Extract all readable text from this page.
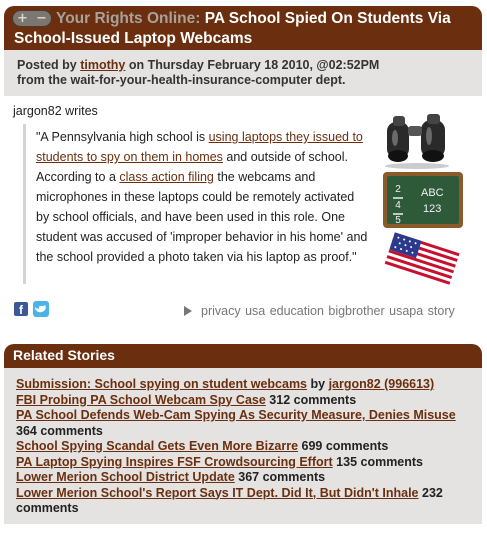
Your Rights Online: PA School Spied On Students Via School-Issued Laptop Webcams
+ −
Posted by timothy on Thursday February 18 2010, @02:52PM
from the wait-for-your-health-insurance-computer dept.
jargon82 writes
"A Pennsylvania high school is using laptops they issued to students to spy on them in homes and outside of school. According to a class action filing the webcams and microphones in these laptops could be remotely activated by school officials, and have been used in this role. One student was accused of 'improper behavior in his home' and the school provided a photo taken via his laptop as proof."
2
4
5
ABC
123
f	privacy usa education bigbrother usapa story
Related Stories
Submission: School spying on student webcams by jargon82 (996613)
FBI Probing PA School Webcam Spy Case 312 comments
PA School Defends Web-Cam Spying As Security Measure, Denies Misuse 364 comments
School Spying Scandal Gets Even More Bizarre 699 comments
PA Laptop Spying Inspires FSF Crowdsourcing Effort 135 comments
Lower Merion School District Update 367 comments
Lower Merion School's Report Says IT Dept. Did It, But Didn't Inhale 232 comments
